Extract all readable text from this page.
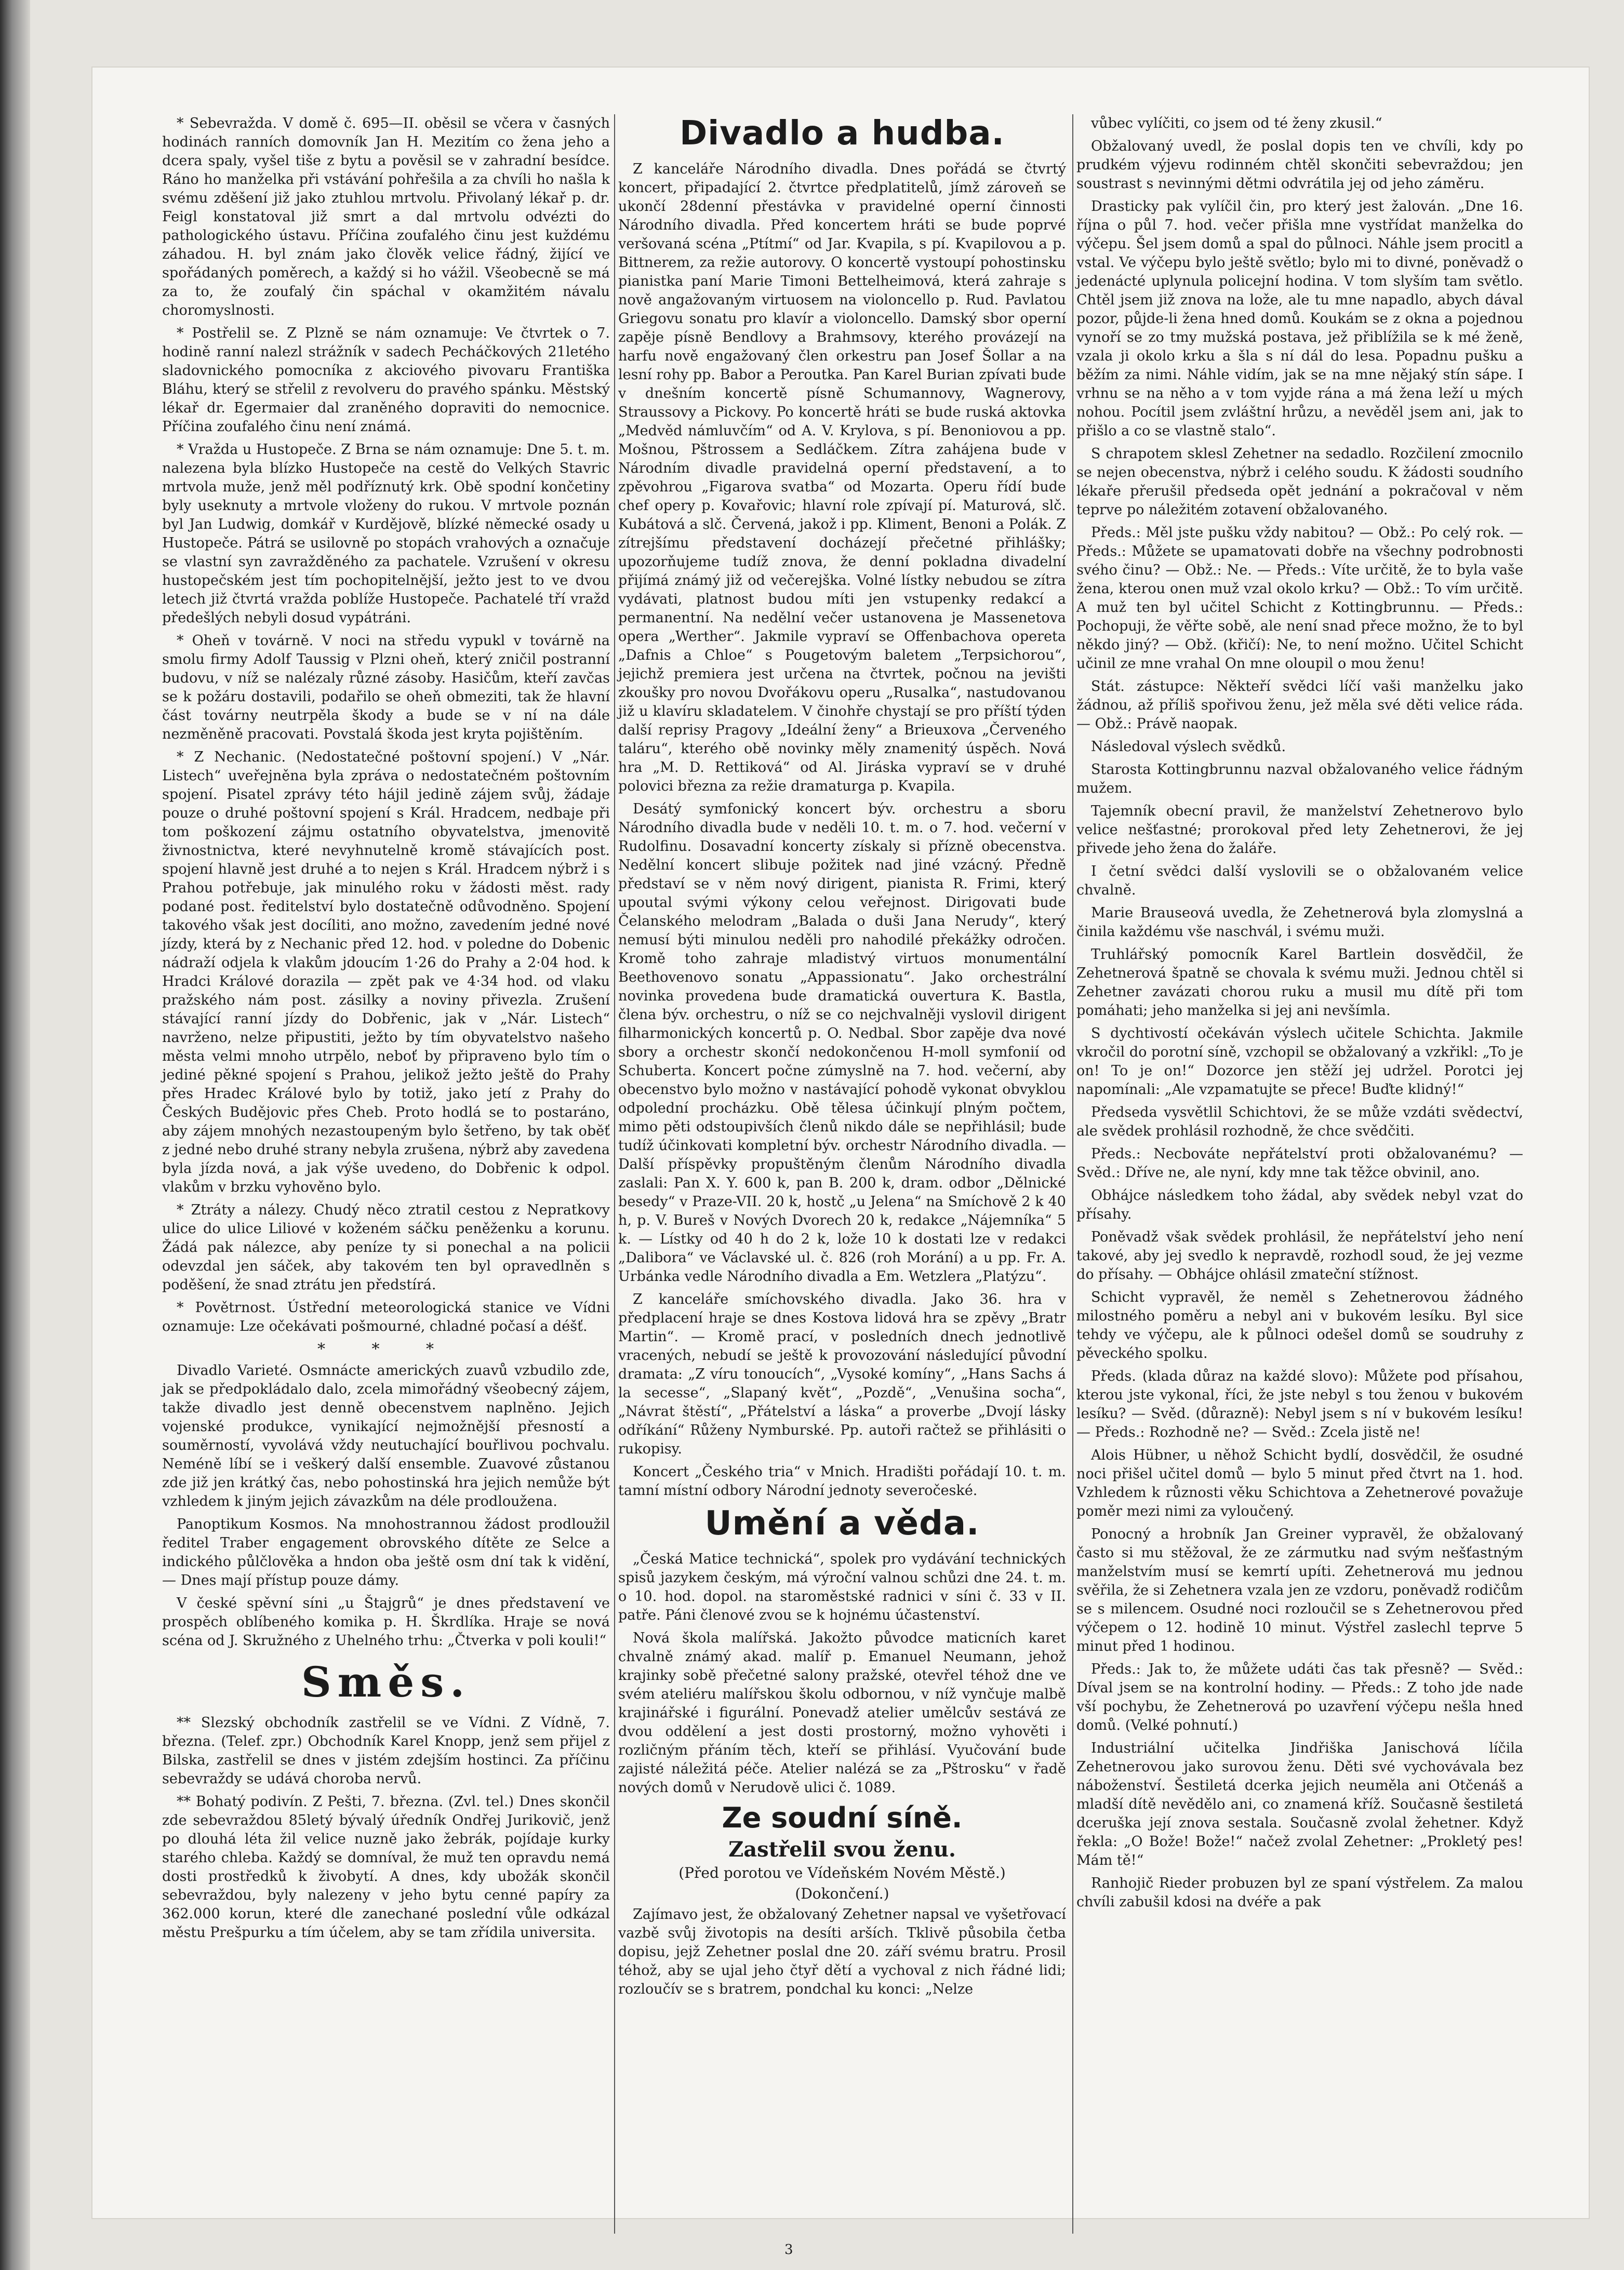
* Sebevražda. V domě č. 695—II. oběsil se včera v časných hodinách ranních domovník Jan H. Mezitím co žena jeho a dcera spaly, vyšel tiše z bytu a pověsil se v zahradní besídce. Ráno ho manželka při vstávání pohřešila a za chvíli ho našla k svému zděšení již jako ztuhlou mrtvolu. Přivolaný lékař p. dr. Feigl konstatoval již smrt a dal mrtvolu odvézti do pathologického ústavu. Příčina zoufalého činu jest kuždému záhadou. H. byl znám jako člověk velice řádný, žijící ve spořádaných poměrech, a každý si ho vážil. Všeobecně se má za to, že zoufalý čin spáchal v okamžitém návalu choromyslnosti.

* Postřelil se. Z Plzně se nám oznamuje: Ve čtvrtek o 7. hodině ranní nalezl strážník v sadech Pecháčkových 21letého sladovnického pomocníka z akciového pivovaru Františka Bláhu, který se střelil z revolveru do pravého spánku. Městský lékař dr. Egermaier dal zraněného dopraviti do nemocnice. Příčina zoufalého činu není známá.

* Vražda u Hustopeče. Z Brna se nám oznamuje: Dne 5. t. m. nalezena byla blízko Hustopeče na cestě do Velkých Stavric mrtvola muže, jenž měl podříznutý krk. Obě spodní končetiny byly useknuty a mrtvole vloženy do rukou. V mrtvole poznán byl Jan Ludwig, domkář v Kurdějově, blízké německé osady u Hustopeče. Pátrá se usilovně po stopách vrahových a označuje se vlastní syn zavražděného za pachatele. Vzrušení v okresu hustopečském jest tím pochopitelnější, ježto jest to ve dvou letech již čtvrtá vražda poblíže Hustopeče. Pachatelé tří vražd předešlých nebyli dosud vypátráni.

* Oheň v továrně. V noci na středu vypukl v továrně na smolu firmy Adolf Taussig v Plzni oheň, který zničil postranní budovu, v níž se nalézaly různé zásoby. Hasičům, kteří zavčas se k požáru dostavili, podařilo se oheň obmeziti, tak že hlavní část továrny neutrpěla škody a bude se v ní na dále nezměněně pracovati. Povstalá škoda jest kryta pojištěním.

* Z Nechanic. (Nedostatečné poštovní spojení.) V „Nár. Listech“ uveřejněna byla zpráva o nedostatečném poštovním spojení. Pisatel zprávy této hájil jedině zájem svůj, žádaje pouze o druhé poštovní spojení s Král. Hradcem, nedbaje při tom poškození zájmu ostatního obyvatelstva, jmenovitě živnostnictva, které nevyhnutelně kromě stávajících post. spojení hlavně jest druhé a to nejen s Král. Hradcem nýbrž i s Prahou potřebuje, jak minulého roku v žádosti měst. rady podané post. ředitelství bylo dostatečně odůvodněno. Spojení takového však jest docíliti, ano možno, zavedením jedné nové jízdy, která by z Nechanic před 12. hod. v poledne do Dobenic nádraží odjela k vlakům jdoucím 1·26 do Prahy a 2·04 hod. k Hradci Králové dorazila — zpět pak ve 4·34 hod. od vlaku pražského nám post. zásilky a noviny přivezla. Zrušení stávající ranní jízdy do Dobřenic, jak v „Nár. Listech“ navrženo, nelze připustiti, ježto by tím obyvatelstvo našeho města velmi mnoho utrpělo, neboť by připraveno bylo tím o jediné pěkné spojení s Prahou, jelikož ježto ještě do Prahy přes Hradec Králové bylo by totiž, jako jetí z Prahy do Českých Budějovic přes Cheb. Proto hodlá se to postaráno, aby zájem mnohých nezastoupeným bylo šetřeno, by tak oběť z jedné nebo druhé strany nebyla zrušena, nýbrž aby zavedena byla jízda nová, a jak výše uvedeno, do Dobřenic k odpol. vlakům v brzku vyhověno bylo.

* Ztráty a nálezy. Chudý něco ztratil cestou z Nepratkovy ulice do ulice Liliové v koženém sáčku peněženku a korunu. Žádá pak nálezce, aby peníze ty si ponechal a na policii odevzdal jen sáček, aby takovém ten byl opravedlněn s poděšení, že snad ztrátu jen předstírá.

* Povětrnost. Ústřední meteorologická stanice ve Vídni oznamuje: Lze očekávati pošmourné, chladné počasí a déšť.

* * *

Divadlo Varieté. Osmnácte amerických zuavů vzbudilo zde, jak se předpokládalo dalo, zcela mimořádný všeobecný zájem, takže divadlo jest denně obecenstvem naplněno. Jejich vojenské produkce, vynikající nejmožnější přesností a souměrností, vyvolává vždy neutuchající bouřlivou pochvalu. Neméně líbí se i veškerý další ensemble. Zuavové zůstanou zde již jen krátký čas, nebo pohostinská hra jejich nemůže být vzhledem k jiným jejich závazkům na déle prodloužena.

Panoptikum Kosmos. Na mnohostrannou žádost prodloužil ředitel Traber engagement obrovského dítěte ze Selce a indického půlčlověka a hndon oba ještě osm dní tak k vidění, — Dnes mají přístup pouze dámy.

V české spěvní síni „u Štajgrů“ je dnes představení ve prospěch oblíbeného komika p. H. Škrdlíka. Hraje se nová scéna od J. Skružného z Uhelného trhu: „Čtverka v poli kouli!“

Směs.

** Slezský obchodník zastřelil se ve Vídni. Z Vídně, 7. března. (Telef. zpr.) Obchodník Karel Knopp, jenž sem přijel z Bilska, zastřelil se dnes v jistém zdejším hostinci. Za příčinu sebevraždy se udává choroba nervů.

** Bohatý podivín. Z Pešti, 7. března. (Zvl. tel.) Dnes skončil zde sebevraždou 85letý bývalý úředník Ondřej Jurikovič, jenž po dlouhá léta žil velice nuzně jako žebrák, pojídaje kurky starého chleba. Každý se domníval, že muž ten opravdu nemá dosti prostředků k živobytí. A dnes, kdy ubožák skončil sebevraždou, byly nalezeny v jeho bytu cenné papíry za 362.000 korun, které dle zanechané poslední vůle odkázal městu Prešpurku a tím účelem, aby se tam zřídila universita.

Divadlo a hudba.

Z kanceláře Národního divadla. Dnes pořádá se čtvrtý koncert, připadající 2. čtvrtce předplatitelů, jímž zároveň se ukončí 28denní přestávka v pravidelné operní činnosti Národního divadla. Před koncertem hráti se bude poprvé veršovaná scéna „Ptítmí“ od Jar. Kvapila, s pí. Kvapilovou a p. Bittnerem, za režie autorovy. O koncertě vystoupí pohostinsku pianistka paní Marie Timoni Bettelheimová, která zahraje s nově angažovaným virtuosem na violoncello p. Rud. Pavlatou Griegovu sonatu pro klavír a violoncello. Damský sbor operní zapěje písně Bendlovy a Brahmsovy, kterého provázejí na harfu nově engažovaný člen orkestru pan Josef Šollar a na lesní rohy pp. Babor a Peroutka. Pan Karel Burian zpívati bude v dnešním koncertě písně Schumannovy, Wagnerovy, Straussovy a Pickovy. Po koncertě hráti se bude ruská aktovka „Medvěd námluvčím“ od A. V. Krylova, s pí. Benoniovou a pp. Mošnou, Pštrossem a Sedláčkem. Zítra zahájena bude v Národním divadle pravidelná operní představení, a to zpěvohrou „Figarova svatba“ od Mozarta. Operu řídí bude chef opery p. Kovařovic; hlavní role zpívají pí. Maturová, slč. Kubátová a slč. Červená, jakož i pp. Kliment, Benoni a Polák. Z zítrejšímu představení docházejí přečetné přihlášky; upozorňujeme tudíž znova, že denní pokladna divadelní přijímá známý již od večerejška. Volné lístky nebudou se zítra vydávati, platnost budou míti jen vstupenky redakcí a permanentní. Na nedělní večer ustanovena je Massenetova opera „Werther“. Jakmile vypraví se Offenbachova opereta „Dafnis a Chloe“ s Pougetovým baletem „Terpsichorou“, jejichž premiera jest určena na čtvrtek, počnou na jevišti zkoušky pro novou Dvořákovu operu „Rusalka“, nastudovanou již u klavíru skladatelem. V činohře chystají se pro příští týden další reprisy Pragovy „Ideální ženy“ a Brieuxova „Červeného taláru“, kterého obě novinky měly znamenitý úspěch. Nová hra „M. D. Rettiková“ od Al. Jiráska vypraví se v druhé polovici března za režie dramaturga p. Kvapila.

Desátý symfonický koncert býv. orchestru a sboru Národního divadla bude v neděli 10. t. m. o 7. hod. večerní v Rudolfinu. Dosavadní koncerty získaly si přízně obecenstva. Nedělní koncert slibuje požitek nad jiné vzácný. Předně představí se v něm nový dirigent, pianista R. Frimi, který upoutal svými výkony celou veřejnost. Dirigovati bude Čelanského melodram „Balada o duši Jana Nerudy“, který nemusí býti minulou neděli pro nahodilé překážky odročen. Kromě toho zahraje mladistvý virtuos monumentální Beethovenovo sonatu „Appassionatu“. Jako orchestrální novinka provedena bude dramatická ouvertura K. Bastla, člena býv. orchestru, o níž se co nejchvalněji vyslovil dirigent filharmonických koncertů p. O. Nedbal. Sbor zapěje dva nové sbory a orchestr skončí nedokončenou H-moll symfonií od Schuberta. Koncert počne zúmyslně na 7. hod. večerní, aby obecenstvo bylo možno v nastávající pohodě vykonat obvyklou odpolední procházku. Obě tělesa účinkují plným počtem, mimo pěti odstoupivších členů nikdo dále se nepřihlásil; bude tudíž účinkovati kompletní býv. orchestr Národního divadla. — Další příspěvky propuštěným členům Národního divadla zaslali: Pan X. Y. 600 k, pan B. 200 k, dram. odbor „Dělnické besedy“ v Praze-VII. 20 k, hostč „u Jelena“ na Smíchově 2 k 40 h, p. V. Bureš v Nových Dvorech 20 k, redakce „Nájemníka“ 5 k. — Lístky od 40 h do 2 k, lože 10 k dostati lze v redakci „Dalibora“ ve Václavské ul. č. 826 (roh Morání) a u pp. Fr. A. Urbánka vedle Národního divadla a Em. Wetzlera „Platýzu“.

Z kanceláře smíchovského divadla. Jako 36. hra v předplacení hraje se dnes Kostova lidová hra se zpěvy „Bratr Martin“. — Kromě prací, v posledních dnech jednotlivě vracených, nebudí se ještě k provozování následující původní dramata: „Z víru tonoucích“, „Vysoké komíny“, „Hans Sachs á la secesse“, „Slapaný květ“, „Pozdě“, „Venušina socha“, „Návrat štěstí“, „Přátelství a láska“ a proverbe „Dvojí lásky odříkání“ Růženy Nymburské. Pp. autoři račtež se přihlásiti o rukopisy.

Koncert „Českého tria“ v Mnich. Hradišti pořádají 10. t. m. tamní místní odbory Národní jednoty severočeské.

Umění a věda.

„Česká Matice technická“, spolek pro vydávání technických spisů jazykem českým, má výroční valnou schůzi dne 24. t. m. o 10. hod. dopol. na staroměstské radnici v síni č. 33 v II. patře. Páni členové zvou se k hojnému účastenství.

Nová škola malířská. Jakožto původce maticních karet chvalně známý akad. malíř p. Emanuel Neumann, jehož krajinky sobě přečetné salony pražské, otevřel téhož dne ve svém ateliéru malířskou školu odbornou, v níž vynčuje malbě krajinářské i figurální. Ponevadž atelier umělcův sestává ze dvou oddělení a jest dosti prostorný, možno vyhověti i rozličným přáním těch, kteří se přihlásí. Vyučování bude zajisté náležitá péče. Atelier nalézá se za „Pštrosku“ v řadě nových domů v Nerudově ulici č. 1089.

Ze soudní síně.
Zastřelil svou ženu.

(Před porotou ve Vídeňském Novém Městě.)

(Dokončení.)

Zajímavo jest, že obžalovaný Zehetner napsal ve vyšetřovací vazbě svůj životopis na desíti arších. Tklivě působila četba dopisu, jejž Zehetner poslal dne 20. září svému bratru. Prosil téhož, aby se ujal jeho čtyř dětí a vychoval z nich řádné lidi; rozloučív se s bratrem, pondchal ku konci: „Nelze

vůbec vylíčiti, co jsem od té ženy zkusil.“

Obžalovaný uvedl, že poslal dopis ten ve chvíli, kdy po prudkém výjevu rodinném chtěl skončiti sebevraždou; jen soustrast s nevinnými dětmi odvrátila jej od jeho záměru.

Drasticky pak vylíčil čin, pro který jest žalován. „Dne 16. října o půl 7. hod. večer přišla mne vystřídat manželka do výčepu. Šel jsem domů a spal do půlnoci. Náhle jsem procitl a vstal. Ve výčepu bylo ještě světlo; bylo mi to divné, poněvadž o jedenácté uplynula policejní hodina. V tom slyším tam světlo. Chtěl jsem již znova na lože, ale tu mne napadlo, abych dával pozor, půjde-li žena hned domů. Koukám se z okna a pojednou vynoří se zo tmy mužská postava, jež přiblížila se k mé ženě, vzala ji okolo krku a šla s ní dál do lesa. Popadnu pušku a běžím za nimi. Náhle vidím, jak se na mne nějaký stín sápe. I vrhnu se na něho a v tom vyjde rána a má žena leží u mých nohou. Pocítil jsem zvláštní hrůzu, a nevěděl jsem ani, jak to přišlo a co se vlastně stalo“.

S chrapotem sklesl Zehetner na sedadlo. Rozčilení zmocnilo se nejen obecenstva, nýbrž i celého soudu. K žádosti soudního lékaře přerušil předseda opět jednání a pokračoval v něm teprve po náležitém zotavení obžalovaného.

Předs.: Měl jste pušku vždy nabitou? — Obž.: Po celý rok. — Předs.: Můžete se upamatovati dobře na všechny podrobnosti svého činu? — Obž.: Ne. — Předs.: Víte určitě, že to byla vaše žena, kterou onen muž vzal okolo krku? — Obž.: To vím určitě. A muž ten byl učitel Schicht z Kottingbrunnu. — Předs.: Pochopuji, že věřte sobě, ale není snad přece možno, že to byl někdo jiný? — Obž. (křičí): Ne, to není možno. Učitel Schicht učinil ze mne vrahal On mne oloupil o mou ženu!

Stát. zástupce: Někteří svědci líčí vaši manželku jako žádnou, až příliš spořivou ženu, jež měla své děti velice ráda. — Obž.: Právě naopak.

Následoval výslech svědků.

Starosta Kottingbrunnu nazval obžalovaného velice řádným mužem.

Tajemník obecní pravil, že manželství Zehetnerovo bylo velice nešťastné; prorokoval před lety Zehetnerovi, že jej přivede jeho žena do žaláře.

I četní svědci další vyslovili se o obžalovaném velice chvalně.

Marie Brauseová uvedla, že Zehetnerová byla zlomyslná a činila každému vše naschvál, i svému muži.

Truhlářský pomocník Karel Bartlein dosvědčil, že Zehetnerová špatně se chovala k svému muži. Jednou chtěl si Zehetner zavázati chorou ruku a musil mu dítě při tom pomáhati; jeho manželka si jej ani nevšímla.

S dychtivostí očekáván výslech učitele Schichta. Jakmile vkročil do porotní síně, vzchopil se obžalovaný a vzkřikl: „To je on! To je on!“ Dozorce jen stěží jej udržel. Porotci jej napomínali: „Ale vzpamatujte se přece! Buďte klidný!“

Předseda vysvětlil Schichtovi, že se může vzdáti svědectví, ale svědek prohlásil rozhodně, že chce svědčiti.

Předs.: Necbováte nepřátelství proti obžalovanému? — Svěd.: Dříve ne, ale nyní, kdy mne tak těžce obvinil, ano.

Obhájce následkem toho žádal, aby svědek nebyl vzat do přísahy.

Poněvadž však svědek prohlásil, že nepřátelství jeho není takové, aby jej svedlo k nepravdě, rozhodl soud, že jej vezme do přísahy. — Obhájce ohlásil zmateční stížnost.

Schicht vypravěl, že neměl s Zehetnerovou žádného milostného poměru a nebyl ani v bukovém lesíku. Byl sice tehdy ve výčepu, ale k půlnoci odešel domů se soudruhy z pěveckého spolku.

Předs. (klada důraz na každé slovo): Můžete pod přísahou, kterou jste vykonal, říci, že jste nebyl s tou ženou v bukovém lesíku? — Svěd. (důrazně): Nebyl jsem s ní v bukovém lesíku! — Předs.: Rozhodně ne? — Svěd.: Zcela jistě ne!

Alois Hübner, u něhož Schicht bydlí, dosvědčil, že osudné noci přišel učitel domů — bylo 5 minut před čtvrt na 1. hod. Vzhledem k různosti věku Schichtova a Zehetnerové považuje poměr mezi nimi za vyloučený.

Ponocný a hrobník Jan Greiner vypravěl, že obžalovaný často si mu stěžoval, že ze zármutku nad svým nešťastným manželstvím musí se kemrtí upíti. Zehetnerová mu jednou svěřila, že si Zehetnera vzala jen ze vzdoru, poněvadž rodičům se s milencem. Osudné noci rozloučil se s Zehetnerovou před výčepem o 12. hodině 10 minut. Výstřel zaslechl teprve 5 minut před 1 hodinou.

Předs.: Jak to, že můžete udáti čas tak přesně? — Svěd.: Díval jsem se na kontrolní hodiny. — Předs.: Z toho jde nade vší pochybu, že Zehetnerová po uzavření výčepu nešla hned domů. (Velké pohnutí.)

Industriální učitelka Jindřiška Janischová líčila Zehetnerovou jako surovou ženu. Děti své vychovávala bez náboženství. Šestiletá dcerka jejich neuměla ani Otčenáš a mladší dítě nevědělo ani, co znamená kříž. Současně šestiletá dceruška její znova sestala. Současně zvolal žehetner. Když řekla: „O Bože! Bože!“ načež zvolal Zehetner: „Prokletý pes! Mám tě!“

Ranhojič Rieder probuzen byl ze spaní výstřelem. Za malou chvíli zabušil kdosi na dvéře a pak

3
